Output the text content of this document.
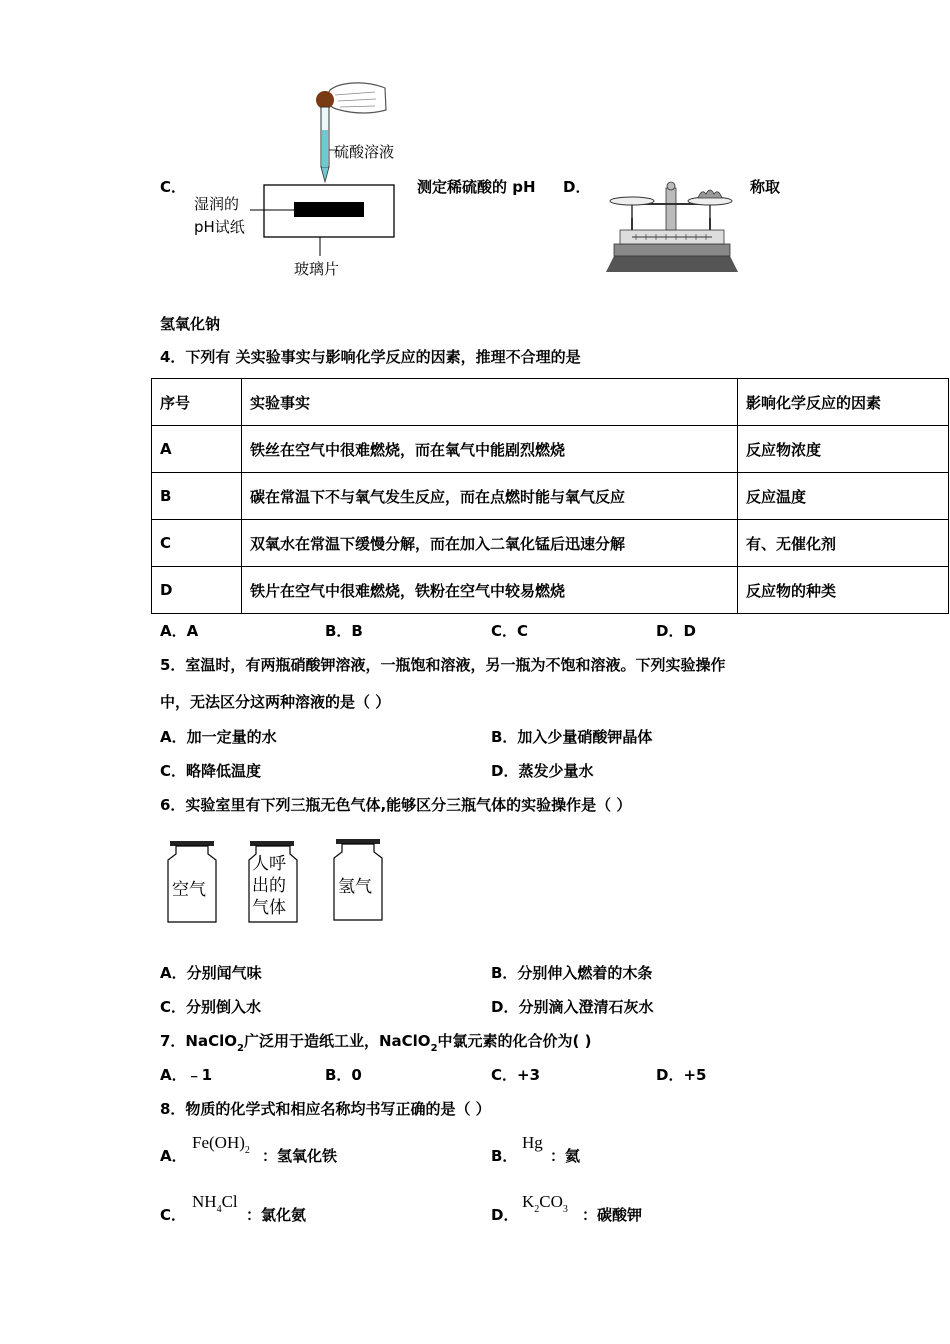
C．
硫酸溶液
湿润的
pH试纸
玻璃片
测定稀硫酸的 pH D．	称取
氢氧化钠
4．下列有 关实验事实与影响化学反应的因素，推理不合理的是
序号	实验事实	影响化学反应的因素
A	铁丝在空气中很难燃烧，而在氧气中能剧烈燃烧	反应物浓度
B	碳在常温下不与氧气发生反应，而在点燃时能与氧气反应	反应温度
C	双氧水在常温下缓慢分解，而在加入二氧化锰后迅速分解	有、无催化剂
D	铁片在空气中很难燃烧，铁粉在空气中较易燃烧	反应物的种类
A．A	B．B	C．C	D．D
5．室温时，有两瓶硝酸钾溶液，一瓶饱和溶液，另一瓶为不饱和溶液。下列实验操作
中，无法区分这两种溶液的是（ ）
A．加一定量的水	B．加入少量硝酸钾晶体
C．略降低温度	D．蒸发少量水
6．实验室里有下列三瓶无色气体,能够区分三瓶气体的实验操作是（ ）
空气
人呼
出的
气体
氢气
A．分别闻气味	B．分别伸入燃着的木条
C．分别倒入水	D．分别滴入澄清石灰水
7．NaClO$_2$广泛用于造纸工业，NaClO$_2$中氯元素的化合价为( )
A．﹣1	B．0	C．+3	D．+5
8．物质的化学式和相应名称均书写正确的是（ ）
A．
$Fe(OH)_2$ ：氢氧化铁	B．
Hg
：氦
C．
$NH_4Cl$
：氯化氨	D．
$K_2CO_3$ ：碳酸钾
